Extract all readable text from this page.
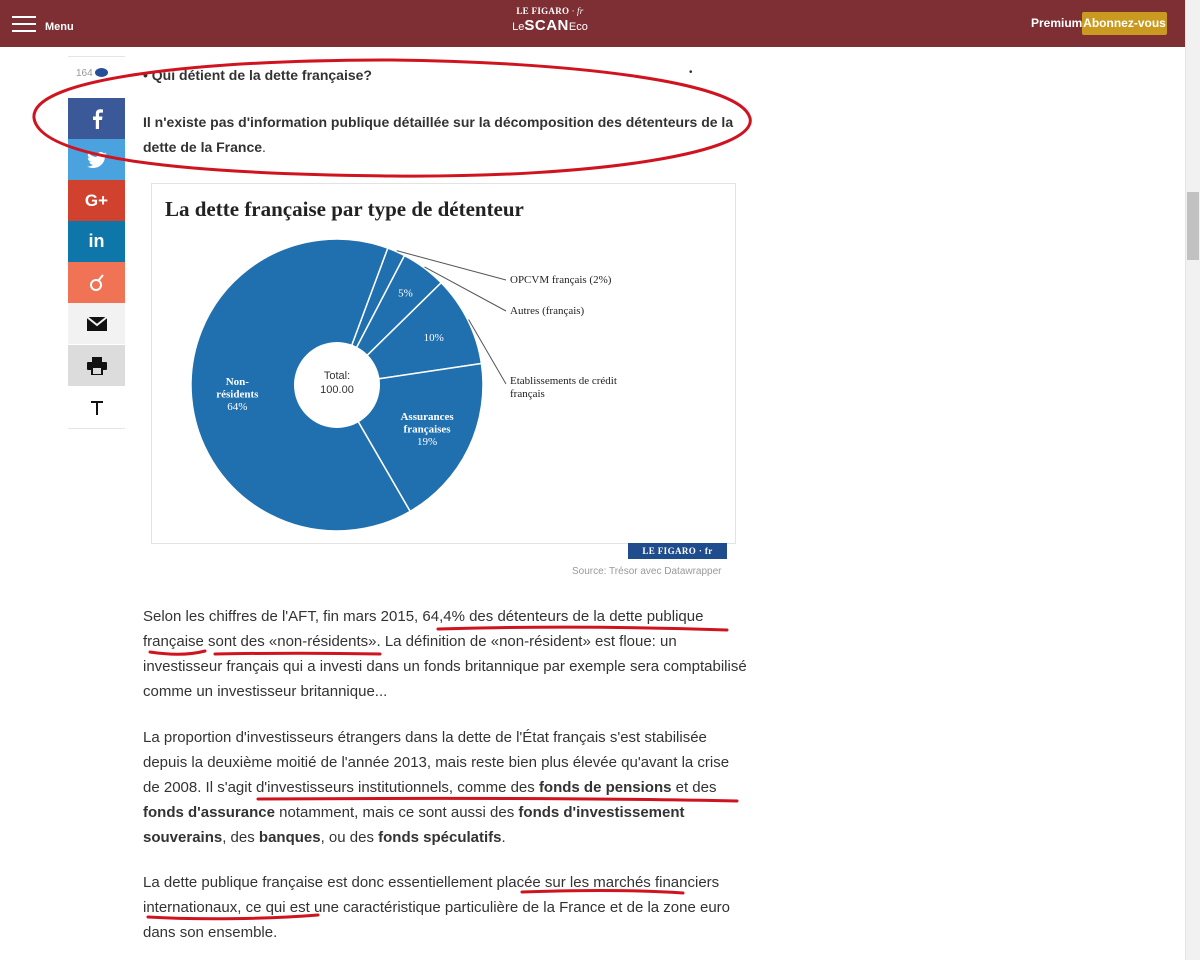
Menu
LE FIGARO · fr
LeSCANEco	Premium Abonnez-vous
164
G+
in
• Qui détient de la dette française?	•
Il n'existe pas d'information publique détaillée sur la décomposition des détenteurs de la dette de la France.
La dette française par type de détenteur
Total:
100.00
5%
10%
Assurances
françaises
19%
Non-
résidents
64%
OPCVM français (2%)
Autres (français)
Etablissements de crédit
français
LE FIGARO · fr
Source: Trésor avec Datawrapper

Selon les chiffres de l'AFT, fin mars 2015, 64,4% des détenteurs de la dette publique française sont des «non-résidents». La définition de «non-résident» est floue: un investisseur français qui a investi dans un fonds britannique par exemple sera comptabilisé comme un investisseur britannique...

La proportion d'investisseurs étrangers dans la dette de l'État français s'est stabilisée depuis la deuxième moitié de l'année 2013, mais reste bien plus élevée qu'avant la crise de 2008. Il s'agit d'investisseurs institutionnels, comme des fonds de pensions et des fonds d'assurance notamment, mais ce sont aussi des fonds d'investissement souverains, des banques, ou des fonds spéculatifs.

La dette publique française est donc essentiellement placée sur les marchés financiers internationaux, ce qui est une caractéristique particulière de la France et de la zone euro dans son ensemble.
